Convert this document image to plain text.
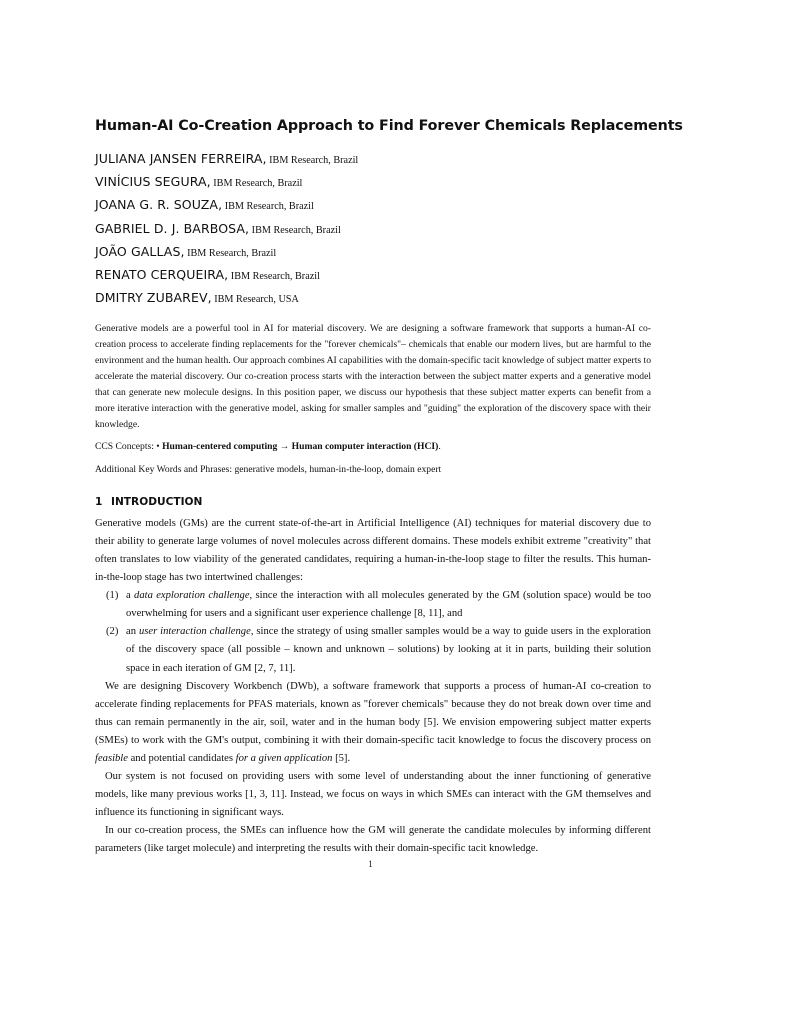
Human-AI Co-Creation Approach to Find Forever Chemicals Replacements
JULIANA JANSEN FERREIRA, IBM Research, Brazil
VINÍCIUS SEGURA, IBM Research, Brazil
JOANA G. R. SOUZA, IBM Research, Brazil
GABRIEL D. J. BARBOSA, IBM Research, Brazil
JOÃO GALLAS, IBM Research, Brazil
RENATO CERQUEIRA, IBM Research, Brazil
DMITRY ZUBAREV, IBM Research, USA

Generative models are a powerful tool in AI for material discovery. We are designing a software framework that supports a human-AI co-creation process to accelerate finding replacements for the "forever chemicals"– chemicals that enable our modern lives, but are harmful to the environment and the human health. Our approach combines AI capabilities with the domain-specific tacit knowledge of subject matter experts to accelerate the material discovery. Our co-creation process starts with the interaction between the subject matter experts and a generative model that can generate new molecule designs. In this position paper, we discuss our hypothesis that these subject matter experts can benefit from a more iterative interaction with the generative model, asking for smaller samples and "guiding" the exploration of the discovery space with their knowledge.

CCS Concepts: • Human-centered computing → Human computer interaction (HCI).

Additional Key Words and Phrases: generative models, human-in-the-loop, domain expert

1 INTRODUCTION

Generative models (GMs) are the current state-of-the-art in Artificial Intelligence (AI) techniques for material discovery due to their ability to generate large volumes of novel molecules across different domains. These models exhibit extreme "creativity" that often translates to low viability of the generated candidates, requiring a human-in-the-loop stage to filter the results. This human-in-the-loop stage has two intertwined challenges:

(1) a data exploration challenge, since the interaction with all molecules generated by the GM (solution space) would be too overwhelming for users and a significant user experience challenge [8, 11], and
(2) an user interaction challenge, since the strategy of using smaller samples would be a way to guide users in the exploration of the discovery space (all possible – known and unknown – solutions) by looking at it in parts, building their solution space in each iteration of GM [2, 7, 11].

We are designing Discovery Workbench (DWb), a software framework that supports a process of human-AI co-creation to accelerate finding replacements for PFAS materials, known as "forever chemicals" because they do not break down over time and thus can remain permanently in the air, soil, water and in the human body [5]. We envision empowering subject matter experts (SMEs) to work with the GM's output, combining it with their domain-specific tacit knowledge to focus the discovery process on feasible and potential candidates for a given application [5].

Our system is not focused on providing users with some level of understanding about the inner functioning of generative models, like many previous works [1, 3, 11]. Instead, we focus on ways in which SMEs can interact with the GM themselves and influence its functioning in significant ways.

In our co-creation process, the SMEs can influence how the GM will generate the candidate molecules by informing different parameters (like target molecule) and interpreting the results with their domain-specific tacit knowledge.

1
